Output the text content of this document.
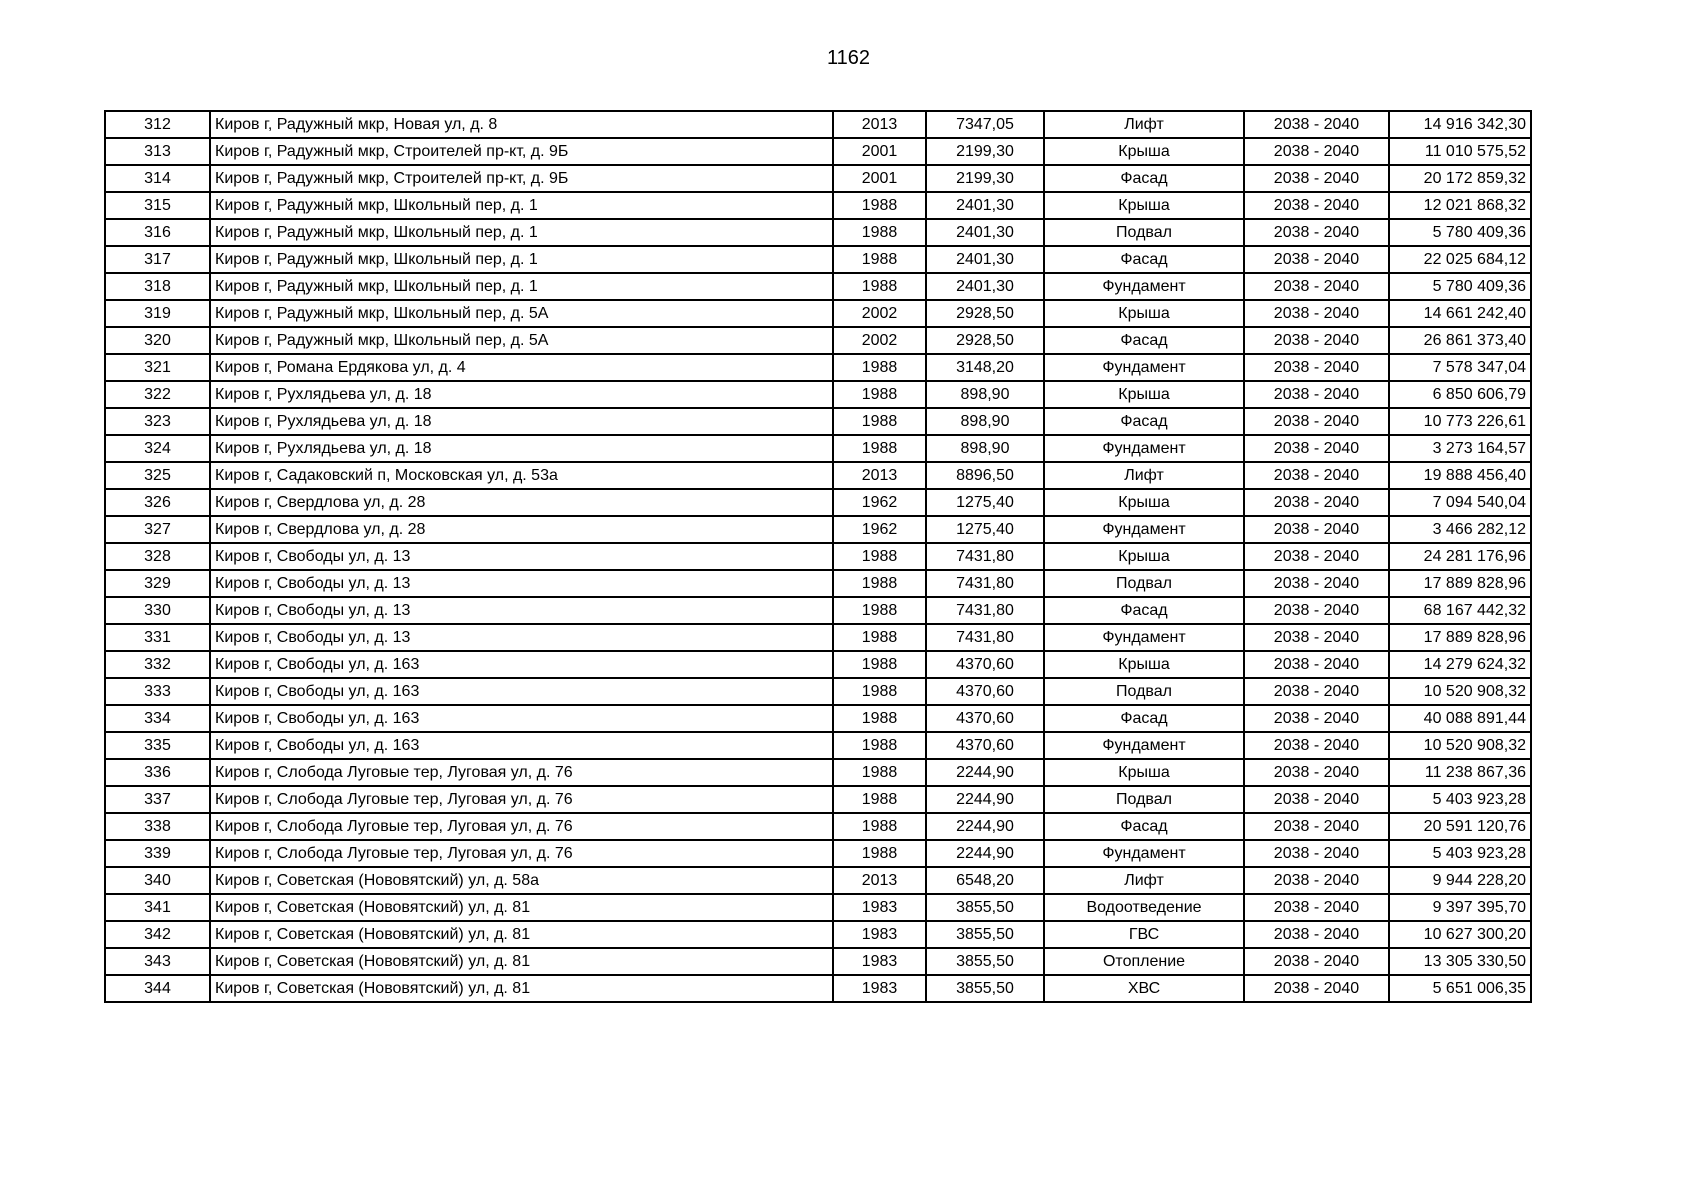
1162
312	Киров г, Радужный мкр, Новая ул, д. 8	2013	7347,05	Лифт	2038 - 2040	14 916 342,30
313	Киров г, Радужный мкр, Строителей пр-кт, д. 9Б	2001	2199,30	Крыша	2038 - 2040	11 010 575,52
314	Киров г, Радужный мкр, Строителей пр-кт, д. 9Б	2001	2199,30	Фасад	2038 - 2040	20 172 859,32
315	Киров г, Радужный мкр, Школьный пер, д. 1	1988	2401,30	Крыша	2038 - 2040	12 021 868,32
316	Киров г, Радужный мкр, Школьный пер, д. 1	1988	2401,30	Подвал	2038 - 2040	5 780 409,36
317	Киров г, Радужный мкр, Школьный пер, д. 1	1988	2401,30	Фасад	2038 - 2040	22 025 684,12
318	Киров г, Радужный мкр, Школьный пер, д. 1	1988	2401,30	Фундамент	2038 - 2040	5 780 409,36
319	Киров г, Радужный мкр, Школьный пер, д. 5А	2002	2928,50	Крыша	2038 - 2040	14 661 242,40
320	Киров г, Радужный мкр, Школьный пер, д. 5А	2002	2928,50	Фасад	2038 - 2040	26 861 373,40
321	Киров г, Романа Ердякова ул, д. 4	1988	3148,20	Фундамент	2038 - 2040	7 578 347,04
322	Киров г, Рухлядьева ул, д. 18	1988	898,90	Крыша	2038 - 2040	6 850 606,79
323	Киров г, Рухлядьева ул, д. 18	1988	898,90	Фасад	2038 - 2040	10 773 226,61
324	Киров г, Рухлядьева ул, д. 18	1988	898,90	Фундамент	2038 - 2040	3 273 164,57
325	Киров г, Садаковский п, Московская ул, д. 53а	2013	8896,50	Лифт	2038 - 2040	19 888 456,40
326	Киров г, Свердлова ул, д. 28	1962	1275,40	Крыша	2038 - 2040	7 094 540,04
327	Киров г, Свердлова ул, д. 28	1962	1275,40	Фундамент	2038 - 2040	3 466 282,12
328	Киров г, Свободы ул, д. 13	1988	7431,80	Крыша	2038 - 2040	24 281 176,96
329	Киров г, Свободы ул, д. 13	1988	7431,80	Подвал	2038 - 2040	17 889 828,96
330	Киров г, Свободы ул, д. 13	1988	7431,80	Фасад	2038 - 2040	68 167 442,32
331	Киров г, Свободы ул, д. 13	1988	7431,80	Фундамент	2038 - 2040	17 889 828,96
332	Киров г, Свободы ул, д. 163	1988	4370,60	Крыша	2038 - 2040	14 279 624,32
333	Киров г, Свободы ул, д. 163	1988	4370,60	Подвал	2038 - 2040	10 520 908,32
334	Киров г, Свободы ул, д. 163	1988	4370,60	Фасад	2038 - 2040	40 088 891,44
335	Киров г, Свободы ул, д. 163	1988	4370,60	Фундамент	2038 - 2040	10 520 908,32
336	Киров г, Слобода Луговые тер, Луговая ул, д. 76	1988	2244,90	Крыша	2038 - 2040	11 238 867,36
337	Киров г, Слобода Луговые тер, Луговая ул, д. 76	1988	2244,90	Подвал	2038 - 2040	5 403 923,28
338	Киров г, Слобода Луговые тер, Луговая ул, д. 76	1988	2244,90	Фасад	2038 - 2040	20 591 120,76
339	Киров г, Слобода Луговые тер, Луговая ул, д. 76	1988	2244,90	Фундамент	2038 - 2040	5 403 923,28
340	Киров г, Советская (Нововятский) ул, д. 58а	2013	6548,20	Лифт	2038 - 2040	9 944 228,20
341	Киров г, Советская (Нововятский) ул, д. 81	1983	3855,50	Водоотведение	2038 - 2040	9 397 395,70
342	Киров г, Советская (Нововятский) ул, д. 81	1983	3855,50	ГВС	2038 - 2040	10 627 300,20
343	Киров г, Советская (Нововятский) ул, д. 81	1983	3855,50	Отопление	2038 - 2040	13 305 330,50
344	Киров г, Советская (Нововятский) ул, д. 81	1983	3855,50	ХВС	2038 - 2040	5 651 006,35
